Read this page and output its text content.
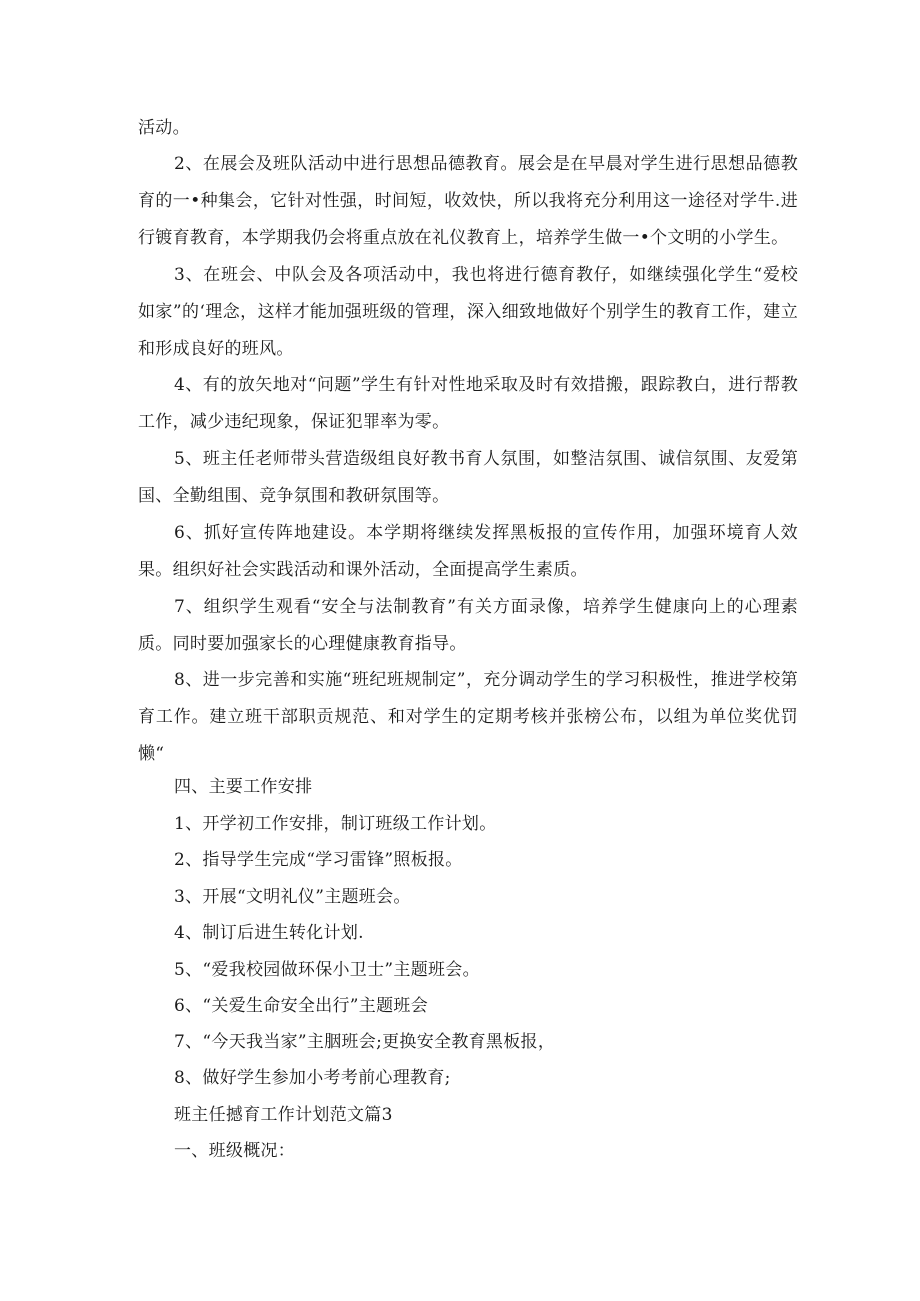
活动。

2、在展会及班队活动中进行思想品德教育。展会是在早晨对学生进行思想品德教育的一•种集会，它针对性强，时间短，收效快，所以我将充分利用这一途径对学牛.进行镀育教育，本学期我仍会将重点放在礼仪教育上，培养学生做一•个文明的小学生。

3、在班会、中队会及各项活动中，我也将进行德育教仔，如继续强化学生“爱校如家”的‘理念，这样才能加强班级的管理，深入细致地做好个别学生的教育工作，建立和形成良好的班风。

4、有的放矢地对“问题”学生有针对性地采取及时有效措搬，跟踪教白，进行帮教工作，减少违纪现象，保证犯罪率为零。

5、班主任老师带头营造级组良好教书育人氛围，如整洁氛围、诚信氛围、友爱第国、全勤组围、竞争氛围和教研氛围等。

6、抓好宣传阵地建设。本学期将继续发挥黑板报的宣传作用，加强环境育人效果。组织好社会实践活动和课外活动，全面提高学生素质。

7、组织学生观看“安全与法制教育”有关方面录像，培养学生健康向上的心理素质。同时要加强家长的心理健康教育指导。

8、进一步完善和实施“班纪班规制定”，充分调动学生的学习积极性，推进学校第育工作。建立班干部职贡规范、和对学生的定期考核并张榜公布，以组为单位奖优罚懒“

四、主要工作安排

1、开学初工作安排，制订班级工作计划。

2、指导学生完成“学习雷锋”照板报。

3、开展“文明礼仪”主题班会。

4、制订后进生转化计划.

5、“爱我校园做环保小卫士”主题班会。

6、“关爱生命安全出行”主题班会

7、“今天我当家”主胭班会;更换安全教育黑板报，

8、做好学生参加小考考前心理教育;

班主任撼育工作计划范文篇3

一、班级概况：
